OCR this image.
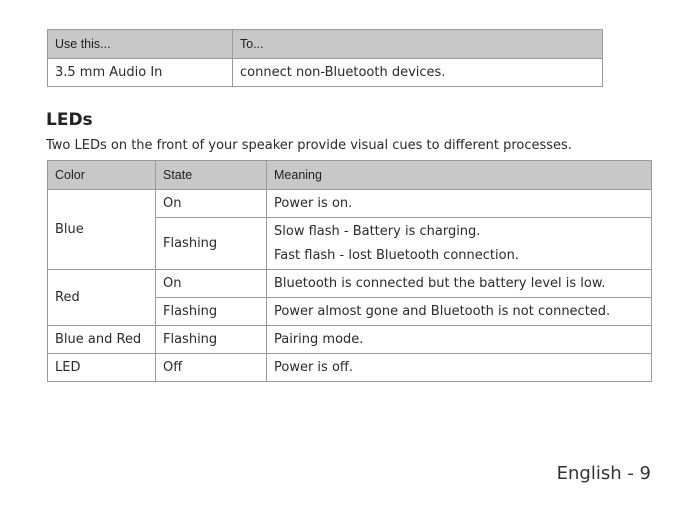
Use this...	To...
3.5 mm Audio In	connect non-Bluetooth devices.
LEDs

Two LEDs on the front of your speaker provide visual cues to different processes.

Color	State	Meaning
Blue	On	Power is on.
	Flashing	Slow flash - Battery is charging.
Fast flash - lost Bluetooth connection.

Red	On	Bluetooth is connected but the battery level is low.
	Flashing	Power almost gone and Bluetooth is not connected.
Blue and Red	Flashing	Pairing mode.
LED	Off	Power is off.
English - 9
